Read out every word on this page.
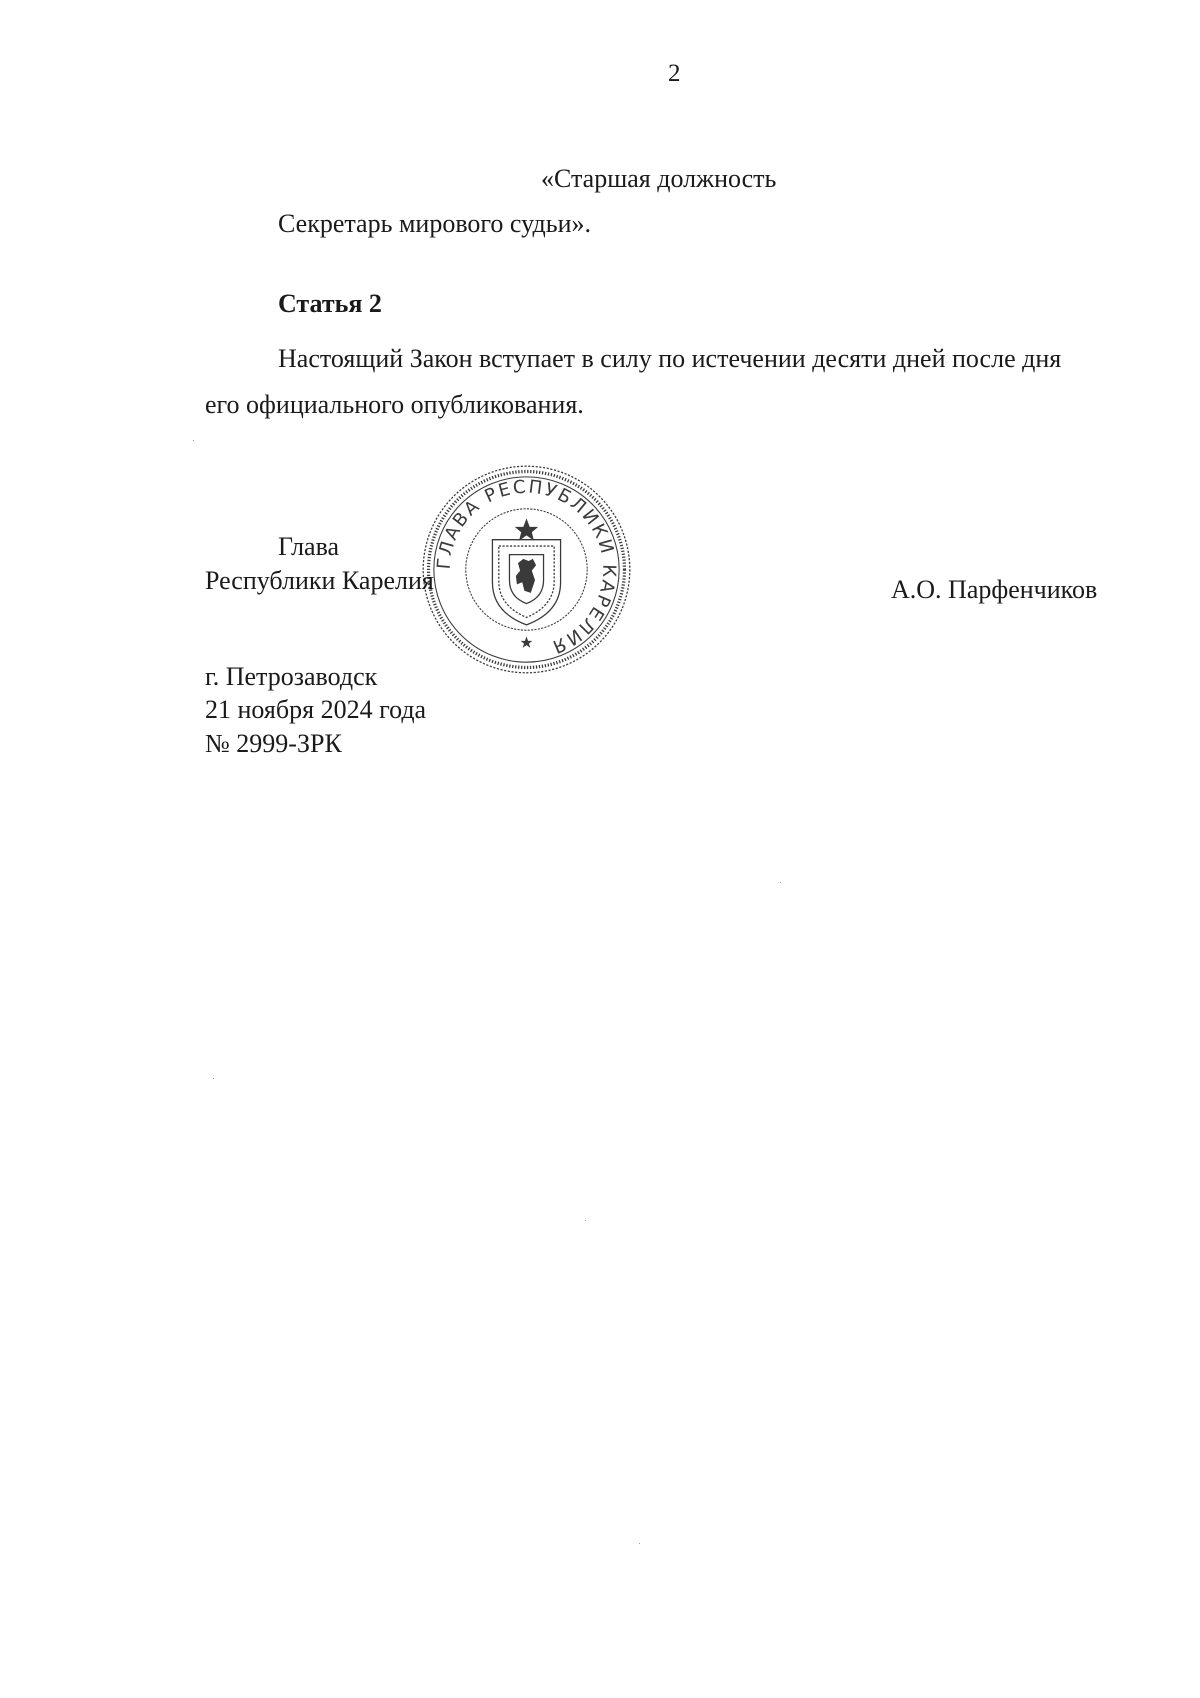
2
«Старшая должность
Секретарь мирового судьи».
Статья 2
Настоящий Закон вступает в силу по истечении десяти дней после дня
его официального опубликования.
ГЛАВА РЕСПУБЛИКИ КАРЕЛИЯ
Глава
Республики Карелия	А.О. Парфенчиков
г. Петрозаводск
21 ноября 2024 года
№ 2999-ЗРК
